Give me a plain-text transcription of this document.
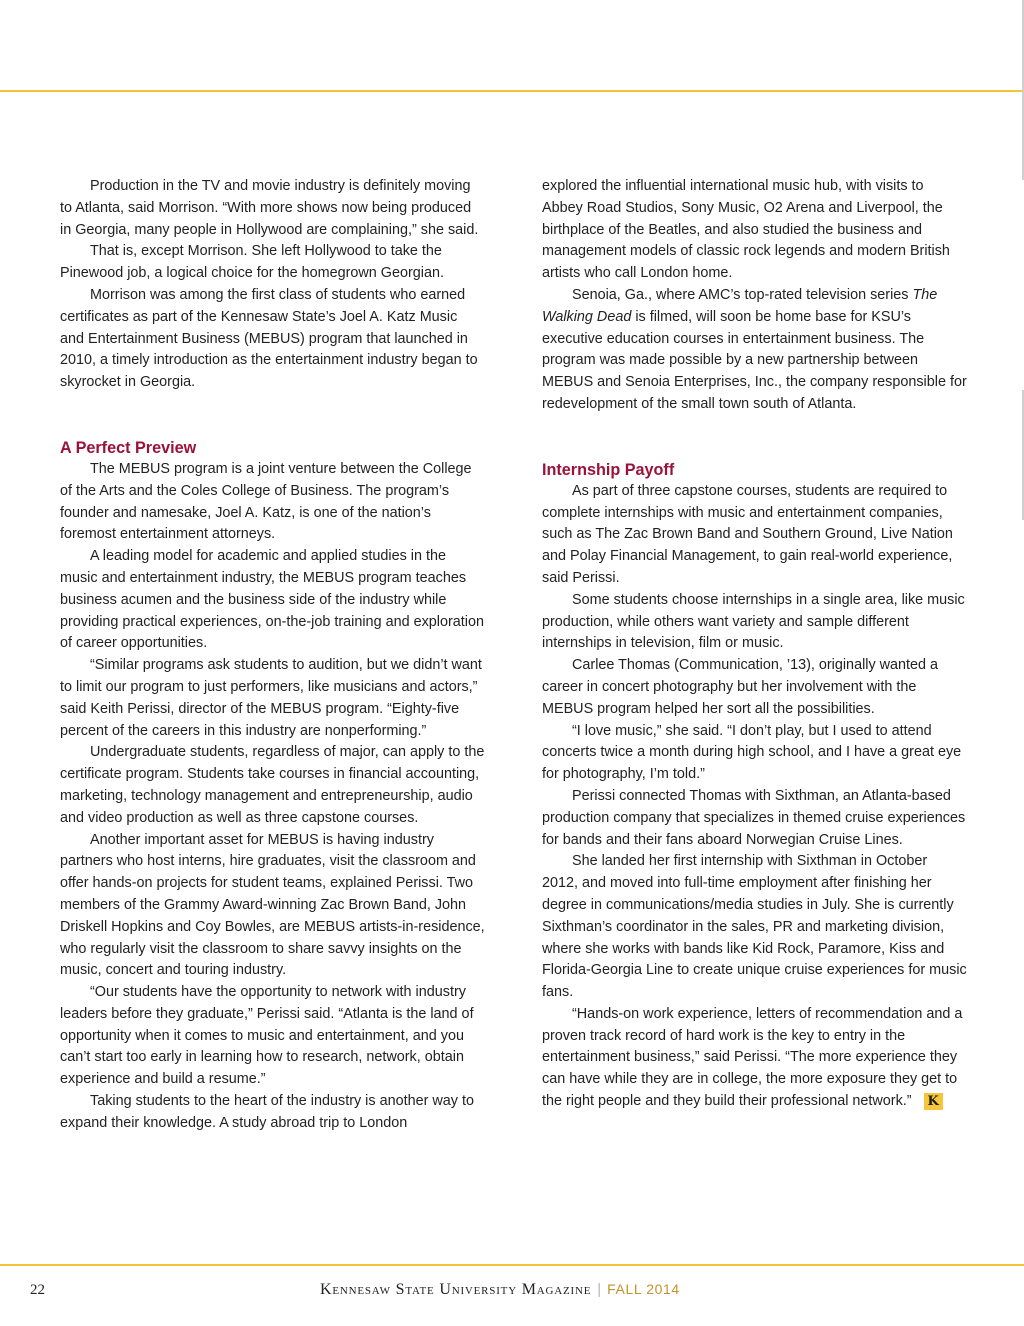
Production in the TV and movie industry is definitely moving to Atlanta, said Morrison. “With more shows now being produced in Georgia, many people in Hollywood are complaining,” she said.

That is, except Morrison. She left Hollywood to take the Pinewood job, a logical choice for the homegrown Georgian.

Morrison was among the first class of students who earned certificates as part of the Kennesaw State’s Joel A. Katz Music and Entertainment Business (MEBUS) program that launched in 2010, a timely introduction as the entertainment industry began to skyrocket in Georgia.

A Perfect Preview

The MEBUS program is a joint venture between the College of the Arts and the Coles College of Business. The program’s founder and namesake, Joel A. Katz, is one of the nation’s foremost entertainment attorneys.

A leading model for academic and applied studies in the music and entertainment industry, the MEBUS program teaches business acumen and the business side of the industry while providing practical experiences, on-the-job training and exploration of career opportunities.

“Similar programs ask students to audition, but we didn’t want to limit our program to just performers, like musicians and actors,” said Keith Perissi, director of the MEBUS program. “Eighty-five percent of the careers in this industry are nonperforming.”

Undergraduate students, regardless of major, can apply to the certificate program. Students take courses in financial accounting, marketing, technology management and entrepreneurship, audio and video production as well as three capstone courses.

Another important asset for MEBUS is having industry partners who host interns, hire graduates, visit the classroom and offer hands-on projects for student teams, explained Perissi. Two members of the Grammy Award-winning Zac Brown Band, John Driskell Hopkins and Coy Bowles, are MEBUS artists-in-residence, who regularly visit the classroom to share savvy insights on the music, concert and touring industry.

“Our students have the opportunity to network with industry leaders before they graduate,” Perissi said. “Atlanta is the land of opportunity when it comes to music and entertainment, and you can’t start too early in learning how to research, network, obtain experience and build a resume.”

Taking students to the heart of the industry is another way to expand their knowledge. A study abroad trip to London

explored the influential international music hub, with visits to Abbey Road Studios, Sony Music, O2 Arena and Liverpool, the birthplace of the Beatles, and also studied the business and management models of classic rock legends and modern British artists who call London home.

Senoia, Ga., where AMC’s top-rated television series The Walking Dead is filmed, will soon be home base for KSU’s executive education courses in entertainment business. The program was made possible by a new partnership between MEBUS and Senoia Enterprises, Inc., the company responsible for redevelopment of the small town south of Atlanta.

Internship Payoff

As part of three capstone courses, students are required to complete internships with music and entertainment companies, such as The Zac Brown Band and Southern Ground, Live Nation and Polay Financial Management, to gain real-world experience, said Perissi.

Some students choose internships in a single area, like music production, while others want variety and sample different internships in television, film or music.

Carlee Thomas (Communication, ’13), originally wanted a career in concert photography but her involvement with the MEBUS program helped her sort all the possibilities.

“I love music,” she said. “I don’t play, but I used to attend concerts twice a month during high school, and I have a great eye for photography, I’m told.”

Perissi connected Thomas with Sixthman, an Atlanta-based production company that specializes in themed cruise experiences for bands and their fans aboard Norwegian Cruise Lines.

She landed her first internship with Sixthman in October 2012, and moved into full-time employment after finishing her degree in communications/media studies in July. She is currently Sixthman’s coordinator in the sales, PR and marketing division, where she works with bands like Kid Rock, Paramore, Kiss and Florida-Georgia Line to create unique cruise experiences for music fans.

“Hands-on work experience, letters of recommendation and a proven track record of hard work is the key to entry in the entertainment business,” said Perissi. “The more experience they can have while they are in college, the more exposure they get to the right people and they build their professional network.” K

22	Kennesaw State University Magazine | FALL 2014
